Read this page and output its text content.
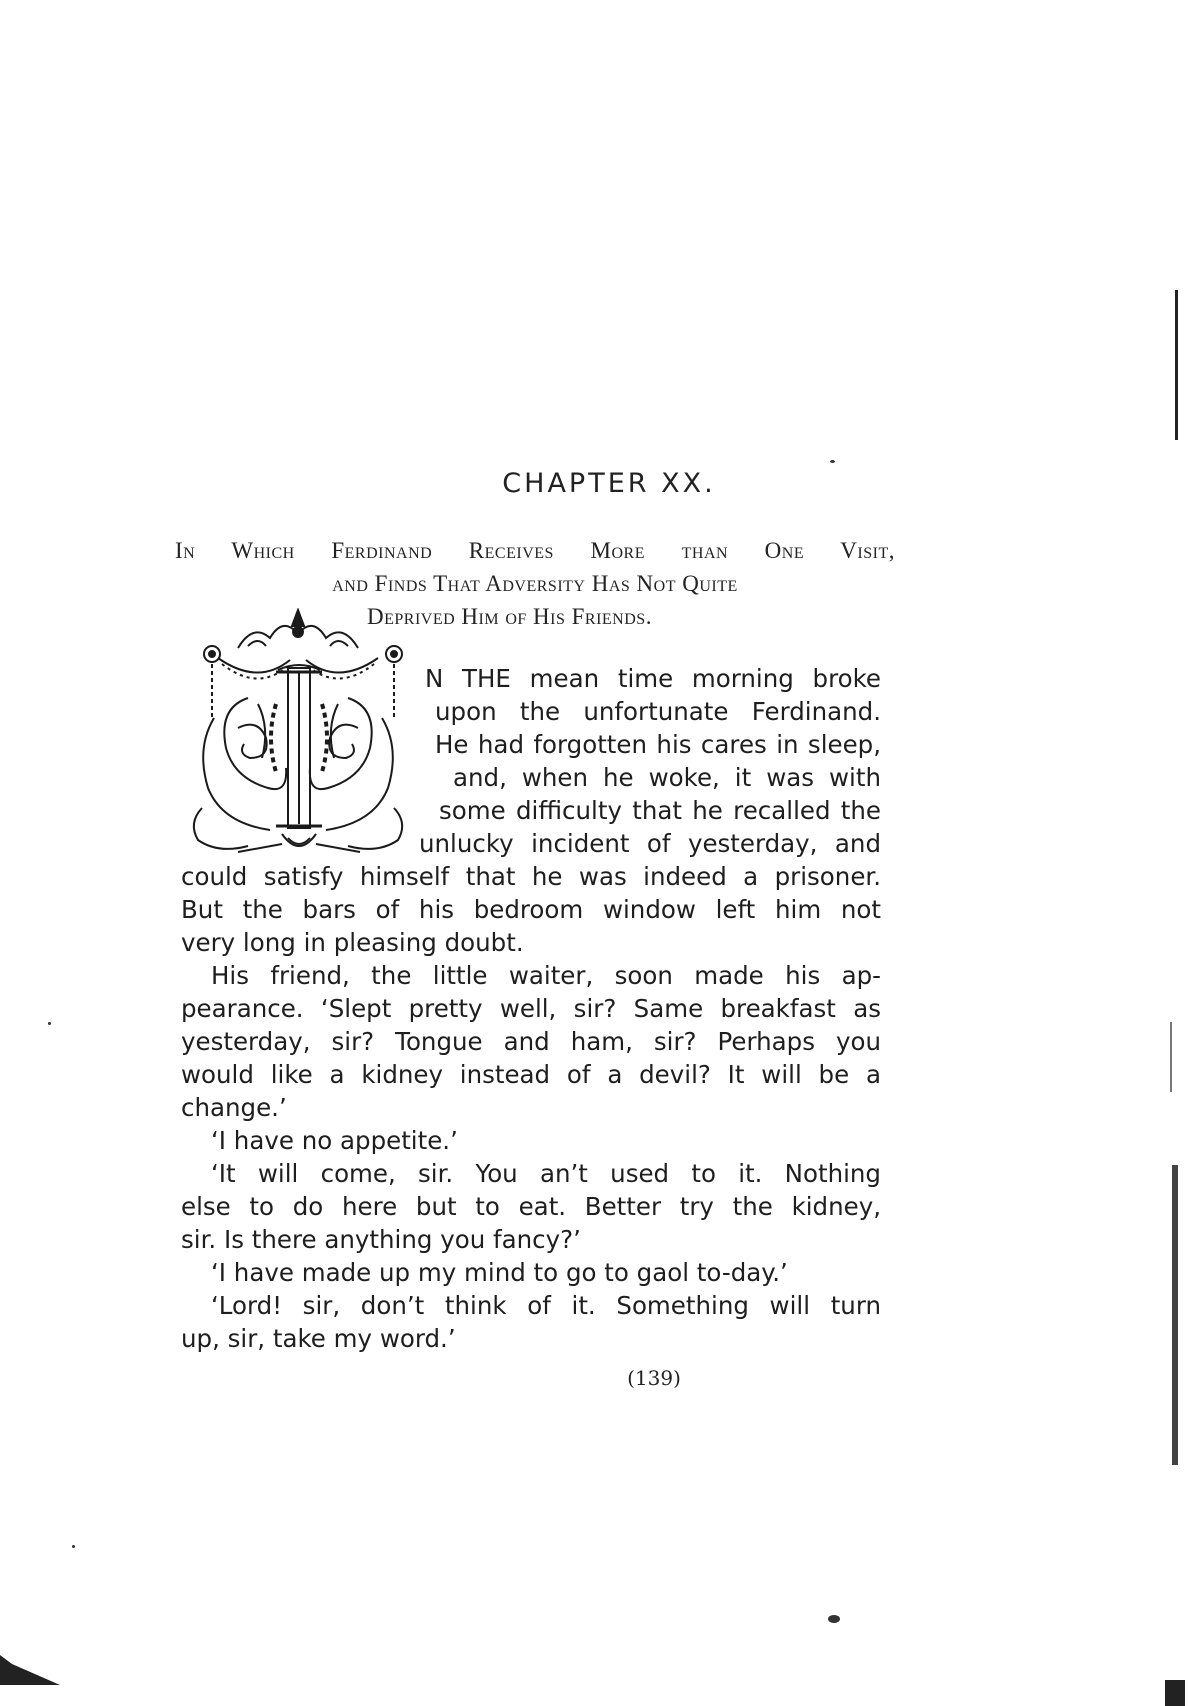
CHAPTER XX.
In Which Ferdinand Receives More than One Visit,
and Finds That Adversity Has Not Quite
Deprived Him of His Friends.
N THE mean time morning broke
upon the unfortunate Ferdinand.
He had forgotten his cares in sleep,
and, when he woke, it was with
some difficulty that he recalled the
unlucky incident of yesterday, and
could satisfy himself that he was indeed a prisoner.
But the bars of his bedroom window left him not
very long in pleasing doubt.
His friend, the little waiter, soon made his ap-
pearance. ‘Slept pretty well, sir? Same breakfast as
yesterday, sir? Tongue and ham, sir? Perhaps you
would like a kidney instead of a devil? It will be a
change.’
‘I have no appetite.’
‘It will come, sir. You an’t used to it. Nothing
else to do here but to eat. Better try the kidney,
sir. Is there anything you fancy?’
‘I have made up my mind to go to gaol to-day.’
‘Lord! sir, don’t think of it. Something will turn
up, sir, take my word.’
(139)
